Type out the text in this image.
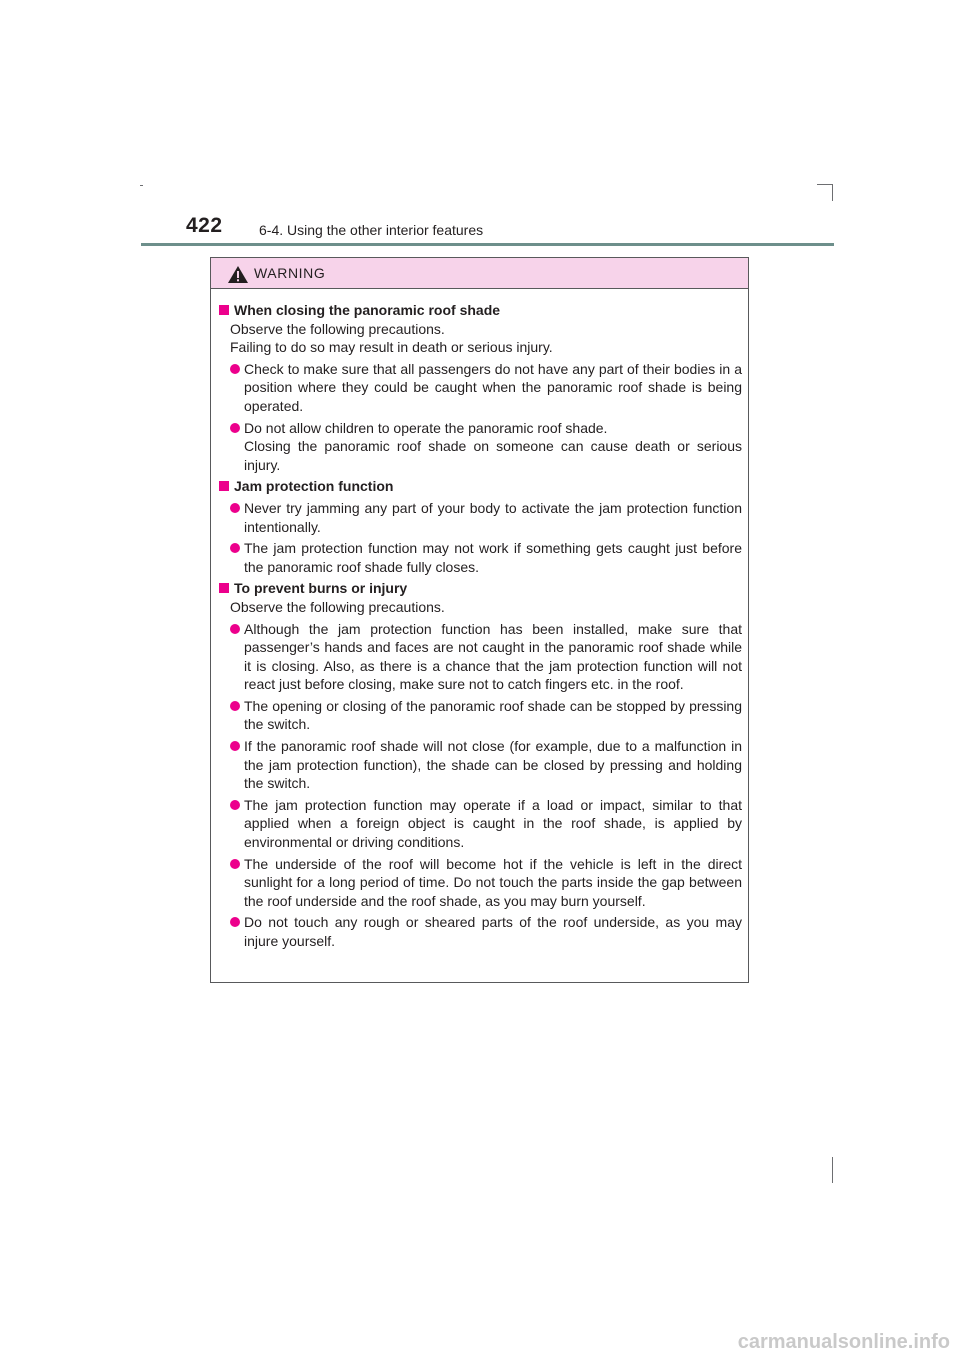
422	6-4. Using the other interior features
WARNING
When closing the panoramic roof shade
Observe the following precautions.
Failing to do so may result in death or serious injury.
Check to make sure that all passengers do not have any part of their bodies in a position where they could be caught when the panoramic roof shade is being operated.
Do not allow children to operate the panoramic roof shade.
Closing the panoramic roof shade on someone can cause death or serious injury.
Jam protection function
Never try jamming any part of your body to activate the jam protection function intentionally.
The jam protection function may not work if something gets caught just before the panoramic roof shade fully closes.
To prevent burns or injury
Observe the following precautions.
Although the jam protection function has been installed, make sure that passenger’s hands and faces are not caught in the panoramic roof shade while it is closing. Also, as there is a chance that the jam protection function will not react just before closing, make sure not to catch fingers etc. in the roof.
The opening or closing of the panoramic roof shade can be stopped by pressing the switch.
If the panoramic roof shade will not close (for example, due to a malfunction in the jam protection function), the shade can be closed by pressing and holding the switch.
The jam protection function may operate if a load or impact, similar to that applied when a foreign object is caught in the roof shade, is applied by environmental or driving conditions.
The underside of the roof will become hot if the vehicle is left in the direct sunlight for a long period of time. Do not touch the parts inside the gap between the roof underside and the roof shade, as you may burn yourself.
Do not touch any rough or sheared parts of the roof underside, as you may injure yourself.
carmanualsonline.info
